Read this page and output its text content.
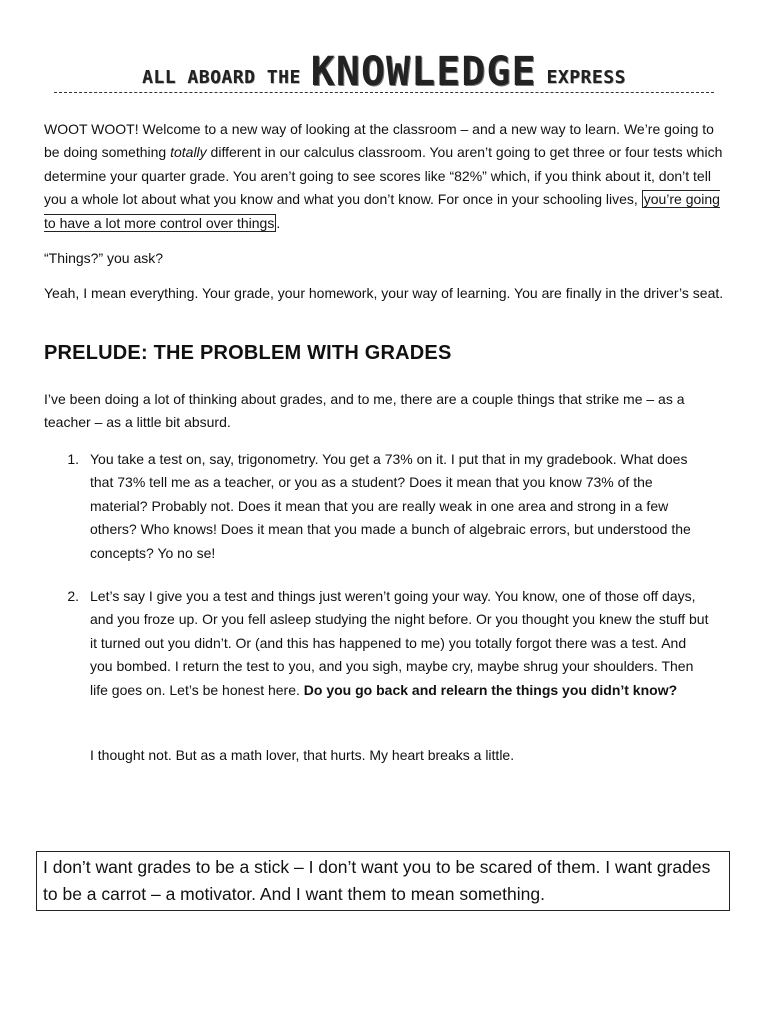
ALL ABOARD THE KNOWLEDGE EXPRESS
WOOT WOOT! Welcome to a new way of looking at the classroom – and a new way to learn. We’re going to be doing something totally different in our calculus classroom. You aren’t going to get three or four tests which determine your quarter grade. You aren’t going to see scores like “82%” which, if you think about it, don’t tell you a whole lot about what you know and what you don’t know. For once in your schooling lives, you’re going to have a lot more control over things .
“Things?” you ask?
Yeah, I mean everything. Your grade, your homework, your way of learning. You are finally in the driver’s seat.
PRELUDE: THE PROBLEM WITH GRADES
I’ve been doing a lot of thinking about grades, and to me, there are a couple things that strike me – as a teacher – as a little bit absurd.
1. You take a test on, say, trigonometry. You get a 73% on it. I put that in my gradebook. What does that 73% tell me as a teacher, or you as a student? Does it mean that you know 73% of the material? Probably not. Does it mean that you are really weak in one area and strong in a few others? Who knows! Does it mean that you made a bunch of algebraic errors, but understood the concepts? Yo no se!
2. Let’s say I give you a test and things just weren’t going your way. You know, one of those off days, and you froze up. Or you fell asleep studying the night before. Or you thought you knew the stuff but it turned out you didn’t. Or (and this has happened to me) you totally forgot there was a test. And you bombed. I return the test to you, and you sigh, maybe cry, maybe shrug your shoulders. Then life goes on. Let’s be honest here. Do you go back and relearn the things you didn’t know?
I thought not. But as a math lover, that hurts. My heart breaks a little.
I don’t want grades to be a stick – I don’t want you to be scared of them. I want grades to be a carrot – a motivator. And I want them to mean something.
